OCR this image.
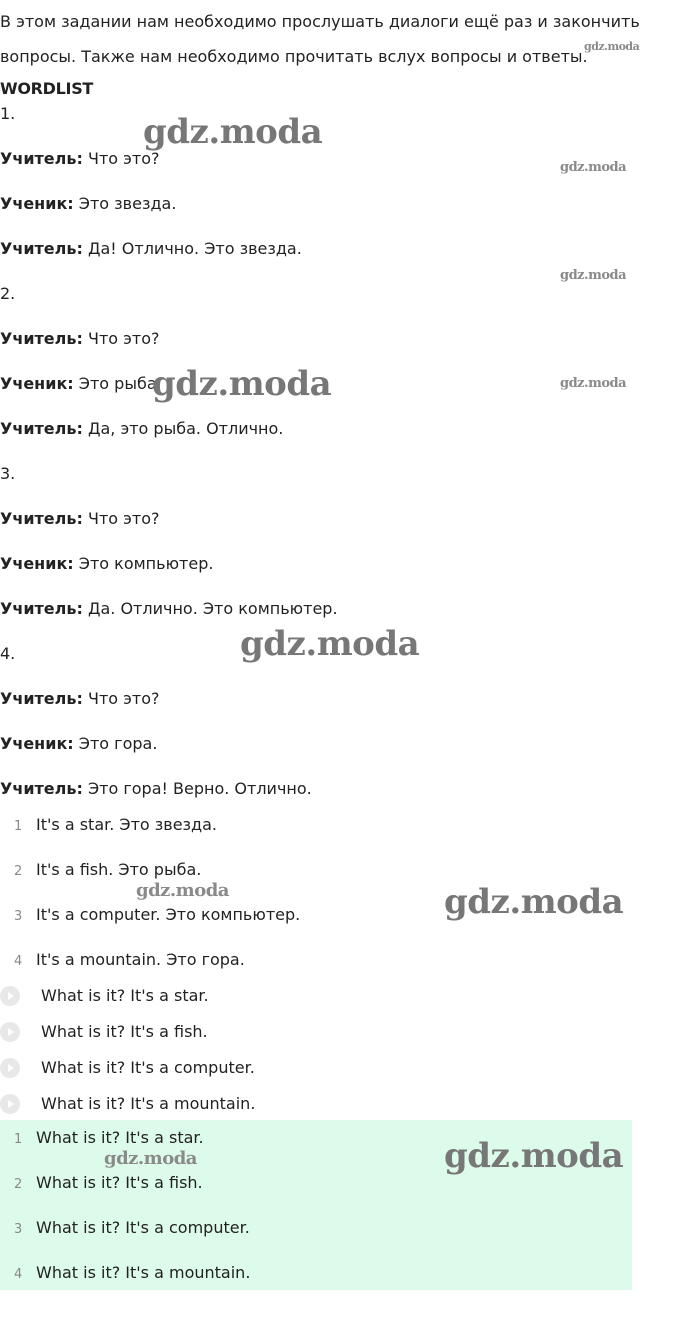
В этом задании нам необходимо прослушать диалоги ещё раз и закончить вопросы. Также нам необходимо прочитать вслух вопросы и ответы.

WORDLIST
1.
Учитель: Что это?
Ученик: Это звезда.
Учитель: Да! Отлично. Это звезда.
2.
Учитель: Что это?
Ученик: Это рыба.
Учитель: Да, это рыба. Отлично.
3.
Учитель: Что это?
Ученик: Это компьютер.
Учитель: Да. Отлично. Это компьютер.
4.
Учитель: Что это?
Ученик: Это гора.
Учитель: Это гора! Верно. Отлично.
1 It's a star. Это звезда.
2 It's a fish. Это рыба.
3 It's a computer. Это компьютер.
4 It's a mountain. Это гора.
What is it? It's a star.
What is it? It's a fish.
What is it? It's a computer.
What is it? It's a mountain.
1 What is it? It's a star.
2 What is it? It's a fish.
3 What is it? It's a computer.
4 What is it? It's a mountain.
gdz.moda
gdz.moda
gdz.moda
gdz.moda
gdz.moda	gdz.moda
gdz.moda
gdz.moda	gdz.moda
gdz.moda	gdz.moda
